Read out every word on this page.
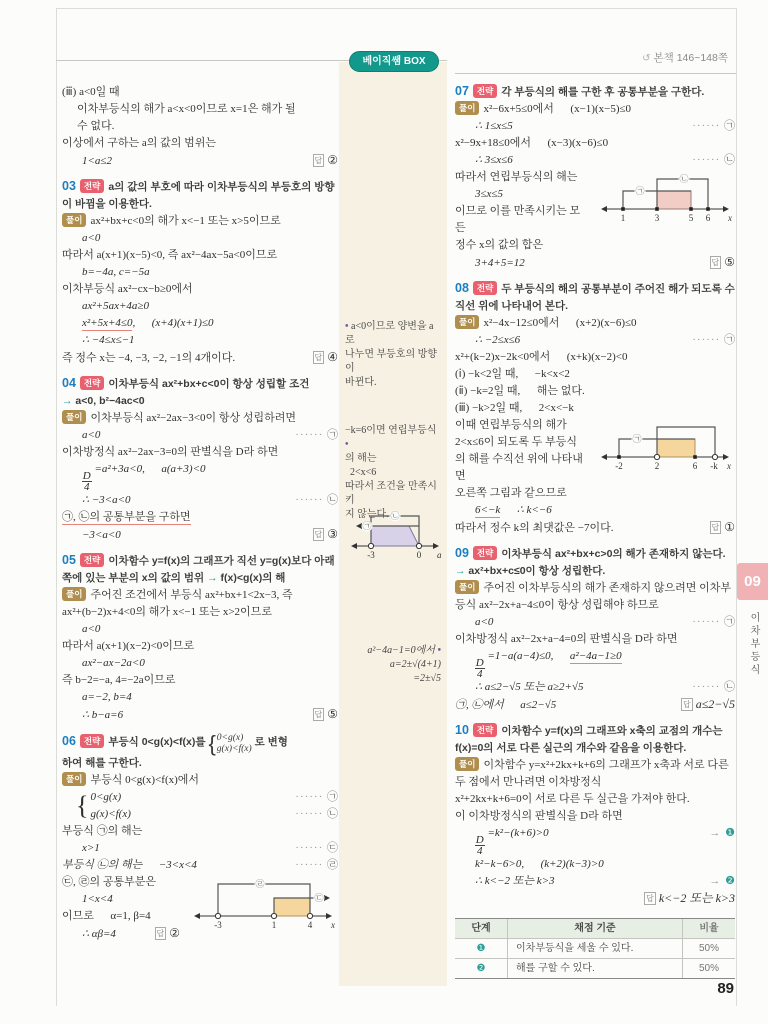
• a<0이므로 양변을 a로
나누면 부등호의 방향이
바뀐다.
−k=6이면 연립부등식 •
의 해는
2<x<6
따라서 조건을 만족시키
지 않는다. ㉡
㉠
-3	0 a
a²−4a−1=0에서 •
a=2±√(4+1)
=2±√5
베이직쌤 BOX	↺ 본책 146~148쪽
(ⅲ) a<0일 때
이차부등식의 해가 a<x<0이므로 x=1은 해가 될
수 없다.
이상에서 구하는 a의 값의 범위는
1<a≤2	답 ②
03 전략 a의 값의 부호에 따라 이차부등식의 부등호의 방향이 바뀜을 이용한다.
풀이 ax²+bx+c<0의 해가 x<−1 또는 x>5이므로
a<0
따라서 a(x+1)(x−5)<0, 즉 ax²−4ax−5a<0이므로
b=−4a, c=−5a
이차부등식 ax²−cx−b≥0에서
ax²+5ax+4a≥0
x²+5x+4≤0,      (x+4)(x+1)≤0
∴ −4≤x≤−1
즉 정수 x는 −4, −3, −2, −1의 4개이다.	답 ④
04 전략 이차부등식 ax²+bx+c<0이 항상 성립할 조건
→ a<0, b²−4ac<0
풀이 이차부등식 ax²−2ax−3<0이 항상 성립하려면
a<0	······ ㉠
이차방정식 ax²−2ax−3=0의 판별식을 D라 하면
$\frac{D}{4}$
=a²+3a<0,      a(a+3)<0
∴ −3<a<0	······ ㉡
㉠, ㉡의 공통부분을 구하면
−3<a<0	답 ③
05 전략 이차함수 y=f(x)의 그래프가 직선 y=g(x)보다 아래쪽에 있는 부분의 x의 값의 범위 → f(x)<g(x)의 해
풀이 주어진 조건에서 부등식 ax²+bx+1<2x−3, 즉
ax²+(b−2)x+4<0의 해가 x<−1 또는 x>2이므로
a<0
따라서 a(x+1)(x−2)<0이므로
ax²−ax−2a<0
즉 b−2=−a, 4=−2a이므로
a=−2, b=4
∴ b−a=6	답 ⑤
06 전략 부등식 0<g(x)<f(x)를 { 0<g(x)
g(x)<f(x)
로 변형
하여 해를 구한다.
풀이 부등식 0<g(x)<f(x)에서
{ 0<g(x)	······ ㉠
g(x)<f(x)	······ ㉡
부등식 ㉠의 해는
x>1	······ ㉢
부등식 ㉡의 해는      −3<x<4	······ ㉣
㉣
㉢
-3	1	4 x
㉢, ㉣의 공통부분은
1<x<4
이므로      α=1, β=4
∴ αβ=4	답 ②
07 전략 각 부등식의 해를 구한 후 공통부분을 구한다.
풀이 x²−6x+5≤0에서      (x−1)(x−5)≤0
∴ 1≤x≤5	······ ㉠
x²−9x+18≤0에서      (x−3)(x−6)≤0
∴ 3≤x≤6	······ ㉡
㉠
㉡
1	3	5 6 x
따라서 연립부등식의 해는
3≤x≤5
이므로 이를 만족시키는 모든
정수 x의 값의 합은
3+4+5=12	답 ⑤
08 전략 두 부등식의 해의 공통부분이 주어진 해가 되도록 수직선 위에 나타내어 본다.
풀이 x²−4x−12≤0에서      (x+2)(x−6)≤0
∴ −2≤x≤6	······ ㉠
x²+(k−2)x−2k<0에서      (x+k)(x−2)<0
(ⅰ) −k<2일 때,      −k<x<2
(ⅱ) −k=2일 때,      해는 없다.
(ⅲ) −k>2일 때,      2<x<−k
㉠
-2	2	6 -k x
이때 연립부등식의 해가
2<x≤6이 되도록 두 부등식
의 해를 수직선 위에 나타내면
오른쪽 그림과 같으므로
6<−k      ∴ k<−6
따라서 정수 k의 최댓값은 −7이다.	답 ①
09 전략 이차부등식 ax²+bx+c>0의 해가 존재하지 않는다. → ax²+bx+c≤0이 항상 성립한다.
풀이 주어진 이차부등식의 해가 존재하지 않으려면 이차부등식 ax²−2x+a−4≤0이 항상 성립해야 하므로
a<0	······ ㉠
이차방정식 ax²−2x+a−4=0의 판별식을 D라 하면
$\frac{D}{4}$
=1−a(a−4)≤0,      a²−4a−1≥0
∴ a≤2−√5 또는 a≥2+√5	······ ㉡
㉠, ㉡에서      a≤2−√5	답 a≤2−√5
10 전략 이차함수 y=f(x)의 그래프와 x축의 교점의 개수는 f(x)=0의 서로 다른 실근의 개수와 같음을 이용한다.
풀이 이차함수 y=x²+2kx+k+6의 그래프가 x축과 서로 다른 두 점에서 만나려면 이차방정식
x²+2kx+k+6=0이 서로 다른 두 실근을 가져야 한다.
이 이차방정식의 판별식을 D라 하면
$\frac{D}{4}$
=k²−(k+6)>0	→ ❶
k²−k−6>0,      (k+2)(k−3)>0
∴ k<−2 또는 k>3	→ ❷
답 k<−2 또는 k>3
단계	채점 기준	비율
❶	이차부등식을 세울 수 있다.	50%
❷	해를 구할 수 있다.	50%
09
이차부등식
89
